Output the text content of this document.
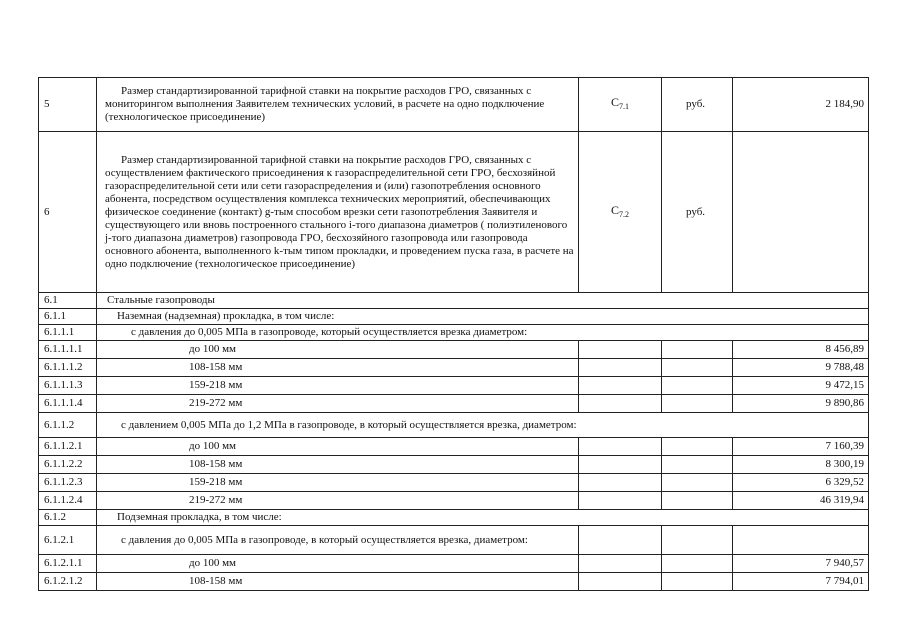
5	Размер стандартизированной тарифной ставки на покрытие расходов ГРО, связанных с мониторингом выполнения Заявителем технических условий, в расчете на одно подключение (технологическое присоединение)	$С_{7.1}$	руб.	2 184,90
6	Размер стандартизированной тарифной ставки на покрытие расходов ГРО, связанных с осуществлением фактического присоединения к газораспределительной сети ГРО, бесхозяйной газораспределительной сети или сети газораспределения и (или) газопотребления основного абонента, посредством осуществления комплекса технических мероприятий, обеспечивающих физическое соединение (контакт) g-тым способом врезки сети газопотребления Заявителя и существующего или вновь построенного стального i-того диапазона диаметров ( полиэтиленового j-того диапазона диаметров) газопровода ГРО, бесхозяйного газопровода или газопровода основного абонента, выполненного k-тым типом прокладки, и проведением пуска газа, в расчете на одно подключение (технологическое присоединение)	$С_{7.2}$	руб.	
6.1	Стальные газопроводы			
6.1.1	Наземная (надземная) прокладка, в том числе:			
6.1.1.1	с давления до 0,005 МПа в газопроводе, который осуществляется врезка диаметром:			
6.1.1.1.1	до 100 мм			8 456,89
6.1.1.1.2	108-158 мм			9 788,48
6.1.1.1.3	159-218 мм			9 472,15
6.1.1.1.4	219-272 мм			9 890,86
6.1.1.2	с давлением 0,005 МПа до 1,2 МПа в газопроводе, в который осуществляется врезка, диаметром:			
6.1.1.2.1	до 100 мм			7 160,39
6.1.1.2.2	108-158 мм			8 300,19
6.1.1.2.3	159-218 мм			6 329,52
6.1.1.2.4	219-272 мм			46 319,94
6.1.2	Подземная прокладка, в том числе:			
6.1.2.1	с давления до 0,005 МПа в газопроводе, в который осуществляется врезка, диаметром:			

6.1.2.1.1	до 100 мм			7 940,57
6.1.2.1.2	108-158 мм			7 794,01
